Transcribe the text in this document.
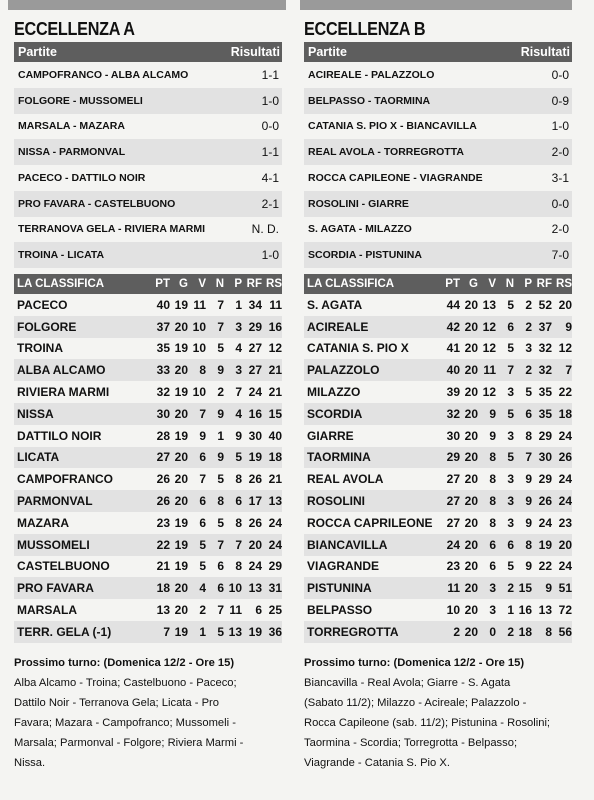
ECCELLENZA A
Partite	Risultati
CAMPOFRANCO - ALBA ALCAMO	1-1
FOLGORE - MUSSOMELI	1-0
MARSALA - MAZARA	0-0
NISSA - PARMONVAL	1-1
PACECO - DATTILO NOIR	4-1
PRO FAVARA - CASTELBUONO	2-1
TERRANOVA GELA - RIVIERA MARMI	N. D.
TROINA - LICATA	1-0
LA CLASSIFICA	PT G V N P RF RS
PACECO	40 19 11 7 1 34 11
FOLGORE	37 20 10 7 3 29 16
TROINA	35 19 10 5 4 27 12
ALBA ALCAMO	33 20 8 9 3 27 21
RIVIERA MARMI	32 19 10 2 7 24 21
NISSA	30 20 7 9 4 16 15
DATTILO NOIR	28 19 9 1 9 30 40
LICATA	27 20 6 9 5 19 18
CAMPOFRANCO	26 20 7 5 8 26 21
PARMONVAL	26 20 6 8 6 17 13
MAZARA	23 19 6 5 8 26 24
MUSSOMELI	22 19 5 7 7 20 24
CASTELBUONO	21 19 5 6 8 24 29
PRO FAVARA	18 20 4 6 10 13 31
MARSALA	13 20 2 7 11	6 25
TERR. GELA (-1)	7 19 1 5 13 19 36
Prossimo turno: (Domenica 12/2 - Ore 15)
Alba Alcamo - Troina; Castelbuono - Paceco;
Dattilo Noir - Terranova Gela; Licata - Pro
Favara; Mazara - Campofranco; Mussomeli -
Marsala; Parmonval - Folgore; Riviera Marmi -
Nissa.
ECCELLENZA B
Partite	Risultati
ACIREALE - PALAZZOLO	0-0
BELPASSO - TAORMINA	0-9
CATANIA S. PIO X - BIANCAVILLA	1-0
REAL AVOLA - TORREGROTTA	2-0
ROCCA CAPILEONE - VIAGRANDE	3-1
ROSOLINI - GIARRE	0-0
S. AGATA - MILAZZO	2-0
SCORDIA - PISTUNINA	7-0
LA CLASSIFICA	PT G V N P RF RS
S. AGATA	44 20 13 5 2 52 20
ACIREALE	42 20 12 6 2 37	9
CATANIA S. PIO X	41 20 12 5 3 32 12
PALAZZOLO	40 20 11 7 2 32	7
MILAZZO	39 20 12 3 5 35 22
SCORDIA	32 20 9 5 6 35 18
GIARRE	30 20 9 3 8 29 24
TAORMINA	29 20 8 5 7 30 26
REAL AVOLA	27 20 8 3 9 29 24
ROSOLINI	27 20 8 3 9 26 24
ROCCA CAPRILEONE	27 20 8 3 9 24 23
BIANCAVILLA	24 20 6 6 8 19 20
VIAGRANDE	23 20 6 5 9 22 24
PISTUNINA	11 20 3 2 15	9 51
BELPASSO	10 20 3 1 16 13 72
TORREGROTTA	2 20 0 2 18	8 56
Prossimo turno: (Domenica 12/2 - Ore 15)
Biancavilla - Real Avola; Giarre - S. Agata
(Sabato 11/2); Milazzo - Acireale; Palazzolo -
Rocca Capileone (sab. 11/2); Pistunina - Rosolini;
Taormina - Scordia; Torregrotta - Belpasso;
Viagrande - Catania S. Pio X.
